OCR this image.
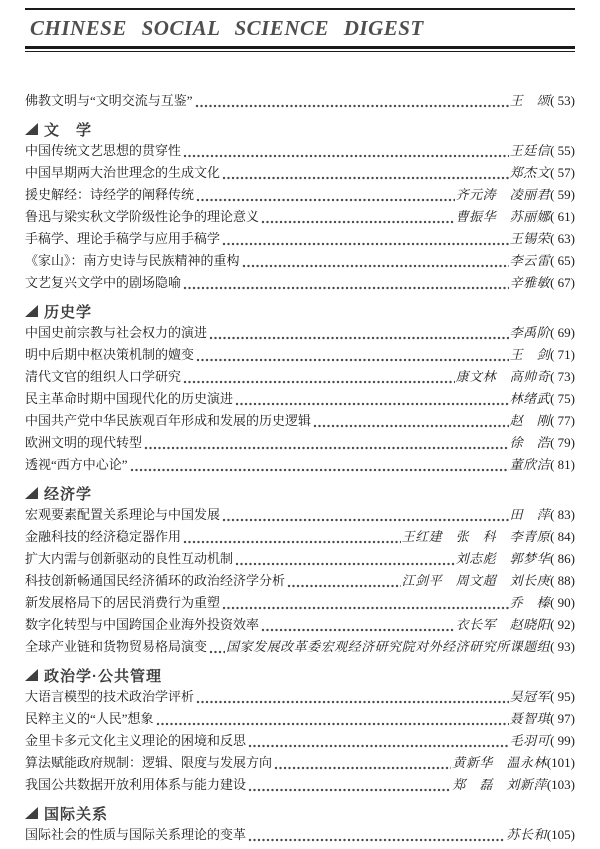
CHINESE SOCIAL SCIENCE DIGEST
佛教文明与“文明交流与互鉴”	王　颂 ( 53)
文　学
中国传统文艺思想的贯穿性	王廷信 ( 55)
中国早期两大治世理念的生成文化	郑杰文 ( 57)
援史解经：诗经学的阐释传统	齐元涛　凌丽君 ( 59)
鲁迅与梁实秋文学阶级性论争的理论意义	曹振华　苏丽娜 ( 61)
手稿学、理论手稿学与应用手稿学	王锡荣 ( 63)
《家山》：南方史诗与民族精神的重构	李云雷 ( 65)
文艺复兴文学中的剧场隐喻	辛雅敏 ( 67)
历史学
中国史前宗教与社会权力的演进	李禹阶 ( 69)
明中后期中枢决策机制的嬗变	王　剑 ( 71)
清代文官的组织人口学研究	康文林　高帅奇 ( 73)
民主革命时期中国现代化的历史演进	林绪武 ( 75)
中国共产党中华民族观百年形成和发展的历史逻辑	赵　刚 ( 77)
欧洲文明的现代转型	徐　浩 ( 79)
透视“西方中心论”	董欣洁 ( 81)
经济学
宏观要素配置关系理论与中国发展	田　萍 ( 83)
金融科技的经济稳定器作用	王红建　张　科　李青原 ( 84)
扩大内需与创新驱动的良性互动机制	刘志彪　郭梦华 ( 86)
科技创新畅通国民经济循环的政治经济学分析	江剑平　周文超　刘长庚 ( 88)
新发展格局下的居民消费行为重塑	乔　榛 ( 90)
数字化转型与中国跨国企业海外投资效率	衣长军　赵晓阳 ( 92)
全球产业链和货物贸易格局演变 国家发展改革委宏观经济研究院对外经济研究所课题组 ( 93)
政治学·公共管理
大语言模型的技术政治学评析	吴冠军 ( 95)
民粹主义的“人民”想象	聂智琪 ( 97)
金里卡多元文化主义理论的困境和反思	毛羽可 ( 99)
算法赋能政府规制：逻辑、限度与发展方向	黄新华　温永林 (101)
我国公共数据开放利用体系与能力建设	郑　磊　刘新萍 (103)
国际关系
国际社会的性质与国际关系理论的变革	苏长和 (105)
